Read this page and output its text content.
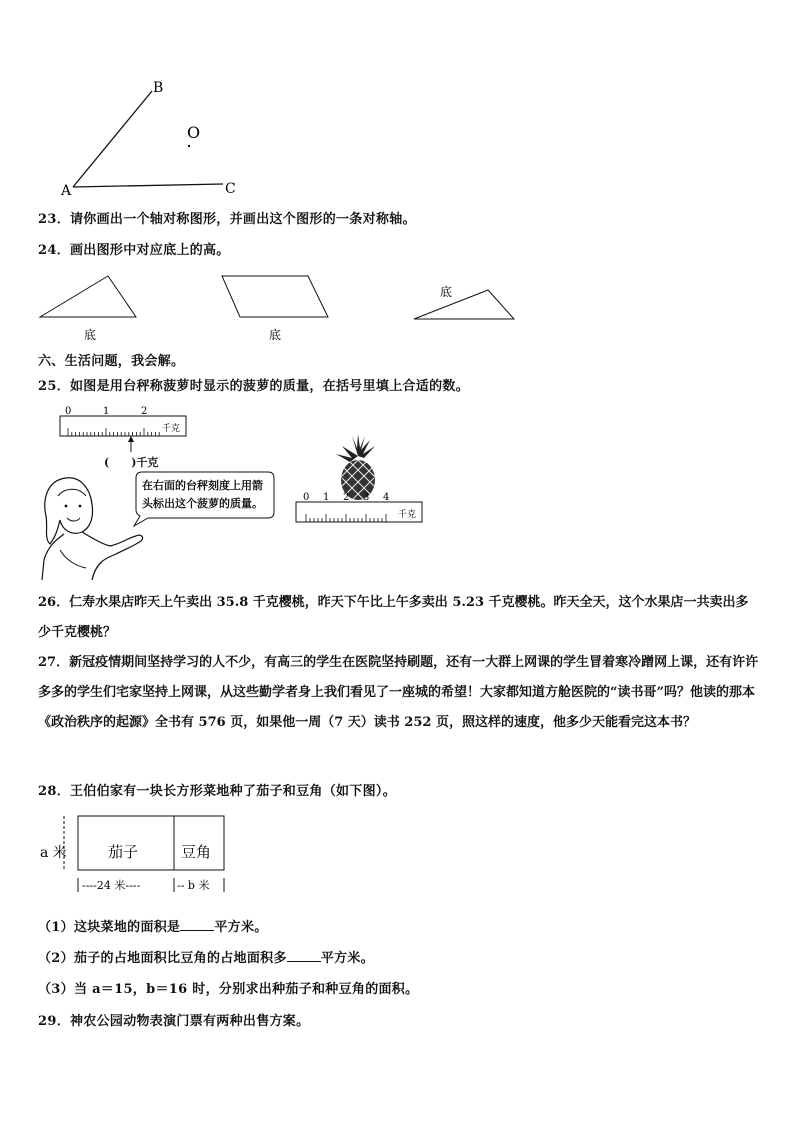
A
B
C
O
23．请你画出一个轴对称图形，并画出这个图形的一条对称轴。
24．画出图形中对应底上的高。
底	底
底
六、生活问题，我会解。
25．如图是用台秤称菠萝时显示的菠萝的质量，在括号里填上合适的数。
0	1	2
千克
(　　)千克
在右面的台秤刻度上用箭
头标出这个菠萝的质量。	0 1 2 3 4
千克
26．仁寿水果店昨天上午卖出 35.8 千克樱桃，昨天下午比上午多卖出 5.23 千克樱桃。昨天全天，这个水果店一共卖出多少千克樱桃？
27．新冠疫情期间坚持学习的人不少，有高三的学生在医院坚持刷题，还有一大群上网课的学生冒着寒冷蹭网上课，还有许许多多的学生们宅家坚持上网课，从这些勤学者身上我们看见了一座城的希望！大家都知道方舱医院的“读书哥”吗？他读的那本《政治秩序的起源》全书有 576 页，如果他一周（7 天）读书 252 页，照这样的速度，他多少天能看完这本书？
28．王伯伯家有一块长方形菜地种了茄子和豆角（如下图）。
a 米	茄子	豆角
----24 米----	-- b 米
（1）这块菜地的面积是	平方米。
（2）茄子的占地面积比豆角的占地面积多	平方米。
（3）当 a＝15，b＝16 时，分别求出种茄子和种豆角的面积。
29．神农公园动物表演门票有两种出售方案。
